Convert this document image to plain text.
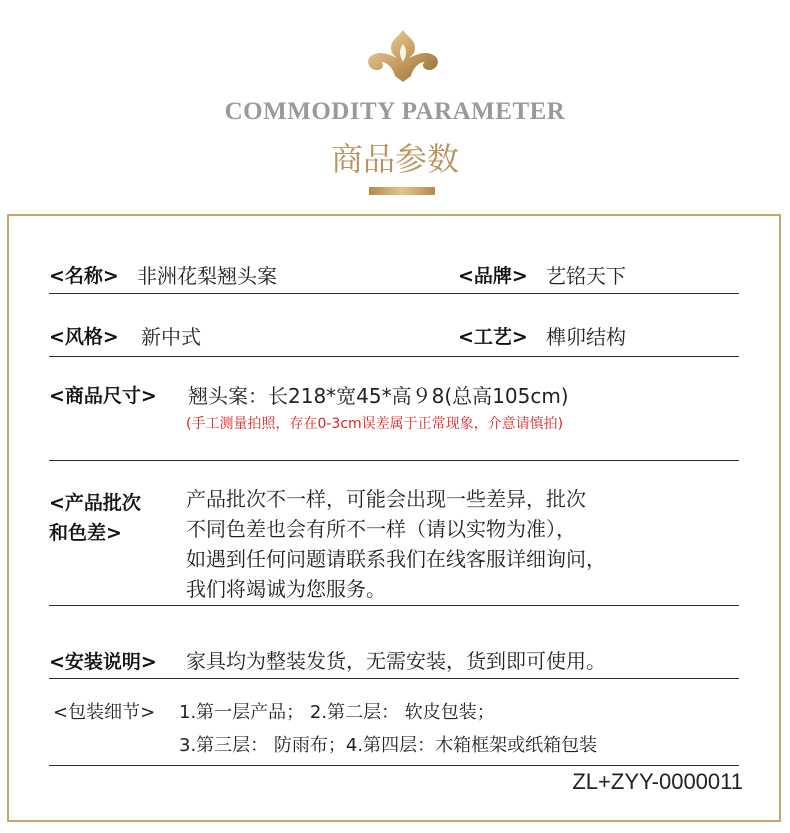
COMMODITY PARAMETER
商品参数
<名称> 非洲花梨翘头案	<品牌> 艺铭天下
<风格> 新中式	<工艺> 榫卯结构
<商品尺寸> 翘头案：长218*宽45*高９8(总高105cm)
(手工测量拍照，存在0-3cm误差属于正常现象，介意请慎拍)
<产品批次
和色差>
产品批次不一样，可能会出现一些差异，批次
不同色差也会有所不一样（请以实物为准），
如遇到任何问题请联系我们在线客服详细询问，
我们将竭诚为您服务。
<安装说明> 家具均为整装发货，无需安装，货到即可使用。
<包装细节> 1.第一层产品； 2.第二层： 软皮包装；
3.第三层： 防雨布；4.第四层：木箱框架或纸箱包装
ZL+ZYY-0000011
